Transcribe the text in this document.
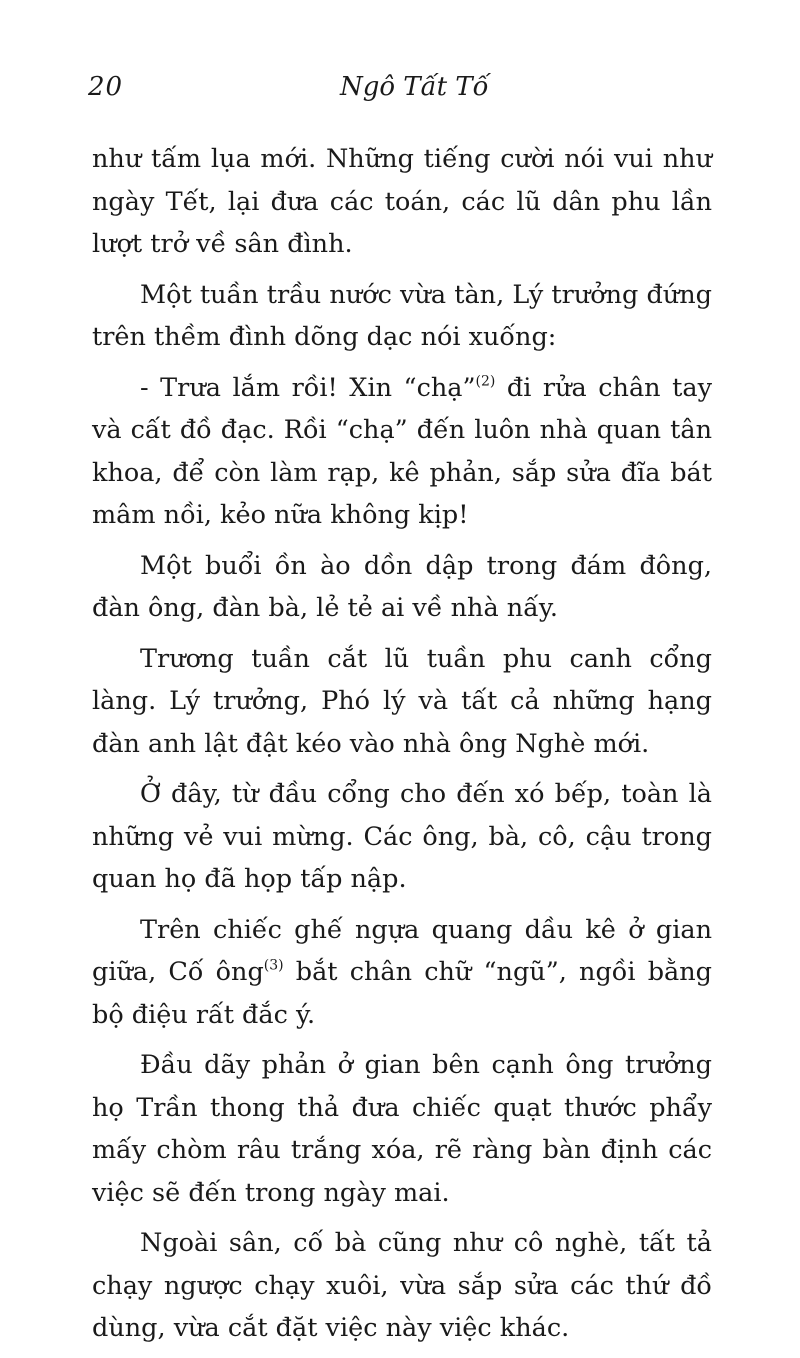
20	Ngô Tất Tố

như tấm lụa mới. Những tiếng cười nói vui như ngày Tết, lại đưa các toán, các lũ dân phu lần lượt trở về sân đình.

Một tuần trầu nước vừa tàn, Lý trưởng đứng trên thềm đình dõng dạc nói xuống:

- Trưa lắm rồi! Xin “chạ”$^{(2)}$ đi rửa chân tay và cất đồ đạc. Rồi “chạ” đến luôn nhà quan tân khoa, để còn làm rạp, kê phản, sắp sửa đĩa bát mâm nồi, kẻo nữa không kịp!

Một buổi ồn ào dồn dập trong đám đông, đàn ông, đàn bà, lẻ tẻ ai về nhà nấy.

Trương tuần cắt lũ tuần phu canh cổng làng. Lý trưởng, Phó lý và tất cả những hạng đàn anh lật đật kéo vào nhà ông Nghè mới.

Ở đây, từ đầu cổng cho đến xó bếp, toàn là những vẻ vui mừng. Các ông, bà, cô, cậu trong quan họ đã họp tấp nập.

Trên chiếc ghế ngựa quang dầu kê ở gian giữa, Cố ông$^{(3)}$ bắt chân chữ “ngũ”, ngồi bằng bộ điệu rất đắc ý.

Đầu dãy phản ở gian bên cạnh ông trưởng họ Trần thong thả đưa chiếc quạt thước phẩy mấy chòm râu trắng xóa, rẽ ràng bàn định các việc sẽ đến trong ngày mai.

Ngoài sân, cố bà cũng như cô nghè, tất tả chạy ngược chạy xuôi, vừa sắp sửa các thứ đồ dùng, vừa cắt đặt việc này việc khác.
